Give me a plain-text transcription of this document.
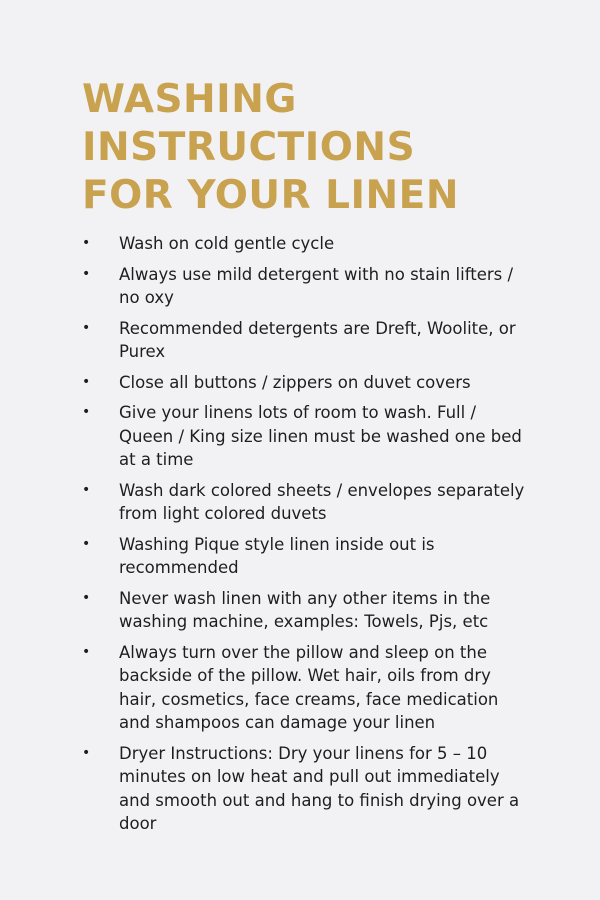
WASHING
INSTRUCTIONS
FOR YOUR LINEN
• Wash on cold gentle cycle
• Always use mild detergent with no stain lifters / no oxy
• Recommended detergents are Dreft, Woolite, or Purex
• Close all buttons / zippers on duvet covers
• Give your linens lots of room to wash. Full / Queen / King size linen must be washed one bed at a time
• Wash dark colored sheets / envelopes separately from light colored duvets
• Washing Pique style linen inside out is recommended
• Never wash linen with any other items in the washing machine, examples: Towels, Pjs, etc
• Always turn over the pillow and sleep on the backside of the pillow. Wet hair, oils from dry hair, cosmetics, face creams, face medication and shampoos can damage your linen
• Dryer Instructions: Dry your linens for 5 – 10 minutes on low heat and pull out immediately and smooth out and hang to finish drying over a door
